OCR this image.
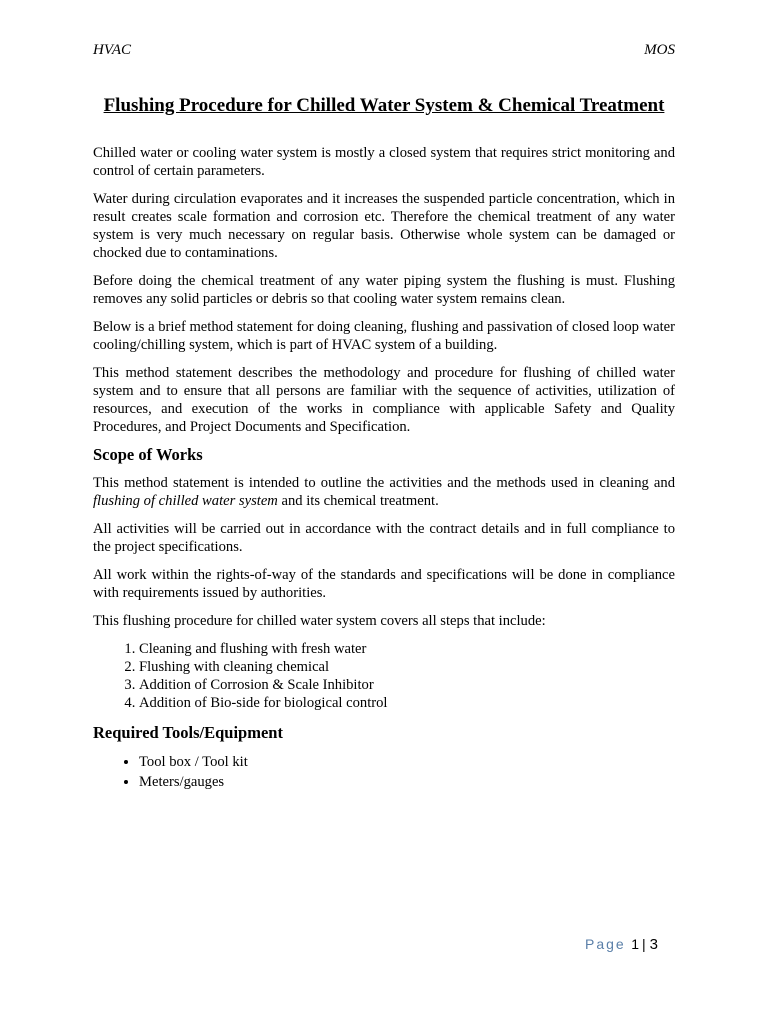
HVAC	MOS
Flushing Procedure for Chilled Water System & Chemical Treatment

Chilled water or cooling water system is mostly a closed system that requires strict monitoring and control of certain parameters.

Water during circulation evaporates and it increases the suspended particle concentration, which in result creates scale formation and corrosion etc. Therefore the chemical treatment of any water system is very much necessary on regular basis. Otherwise whole system can be damaged or chocked due to contaminations.

Before doing the chemical treatment of any water piping system the flushing is must. Flushing removes any solid particles or debris so that cooling water system remains clean.

Below is a brief method statement for doing cleaning, flushing and passivation of closed loop water cooling/chilling system, which is part of HVAC system of a building.

This method statement describes the methodology and procedure for flushing of chilled water system and to ensure that all persons are familiar with the sequence of activities, utilization of resources, and execution of the works in compliance with applicable Safety and Quality Procedures, and Project Documents and Specification.

Scope of Works

This method statement is intended to outline the activities and the methods used in cleaning and flushing of chilled water system and its chemical treatment.

All activities will be carried out in accordance with the contract details and in full compliance to the project specifications.

All work within the rights-of-way of the standards and specifications will be done in compliance with requirements issued by authorities.

This flushing procedure for chilled water system covers all steps that include:

1. Cleaning and flushing with fresh water
2. Flushing with cleaning chemical
3. Addition of Corrosion & Scale Inhibitor
4. Addition of Bio-side for biological control
Required Tools/Equipment
• Tool box / Tool kit
• Meters/gauges
Page 1 | 3
